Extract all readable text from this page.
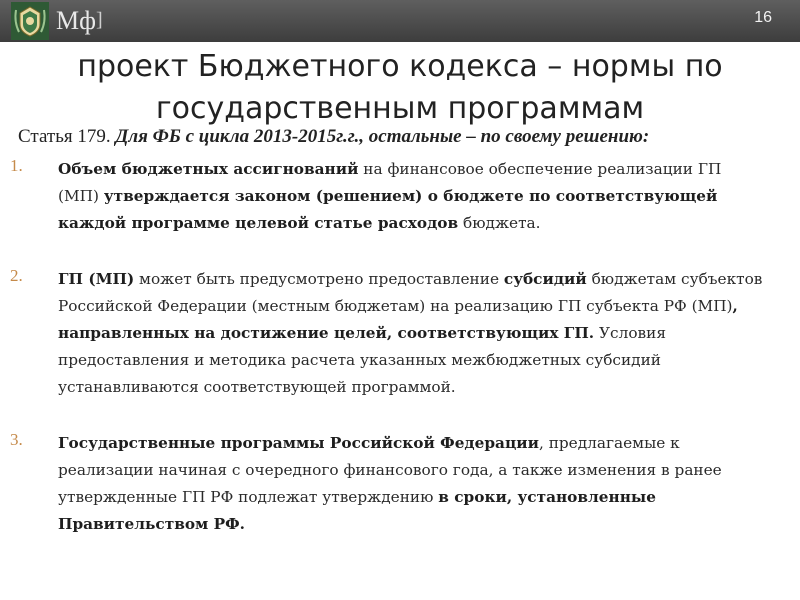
Мф]	16
проект Бюджетного кодекса – нормы по
государственным программам

Статья 179. Для ФБ с цикла 2013-2015г.г., остальные – по своему решению:

1. Объем бюджетных ассигнований на финансовое обеспечение реализации ГП (МП) утверждается законом (решением) о бюджете по соответствующей каждой программе целевой статье расходов бюджета.

2. ГП (МП) может быть предусмотрено предоставление субсидий бюджетам субъектов Российской Федерации (местным бюджетам) на реализацию ГП субъекта РФ (МП), направленных на достижение целей, соответствующих ГП. Условия предоставления и методика расчета указанных межбюджетных субсидий устанавливаются соответствующей программой.

3. Государственные программы Российской Федерации, предлагаемые к реализации начиная с очередного финансового года, а также изменения в ранее утвержденные ГП РФ подлежат утверждению в сроки, установленные Правительством РФ.
